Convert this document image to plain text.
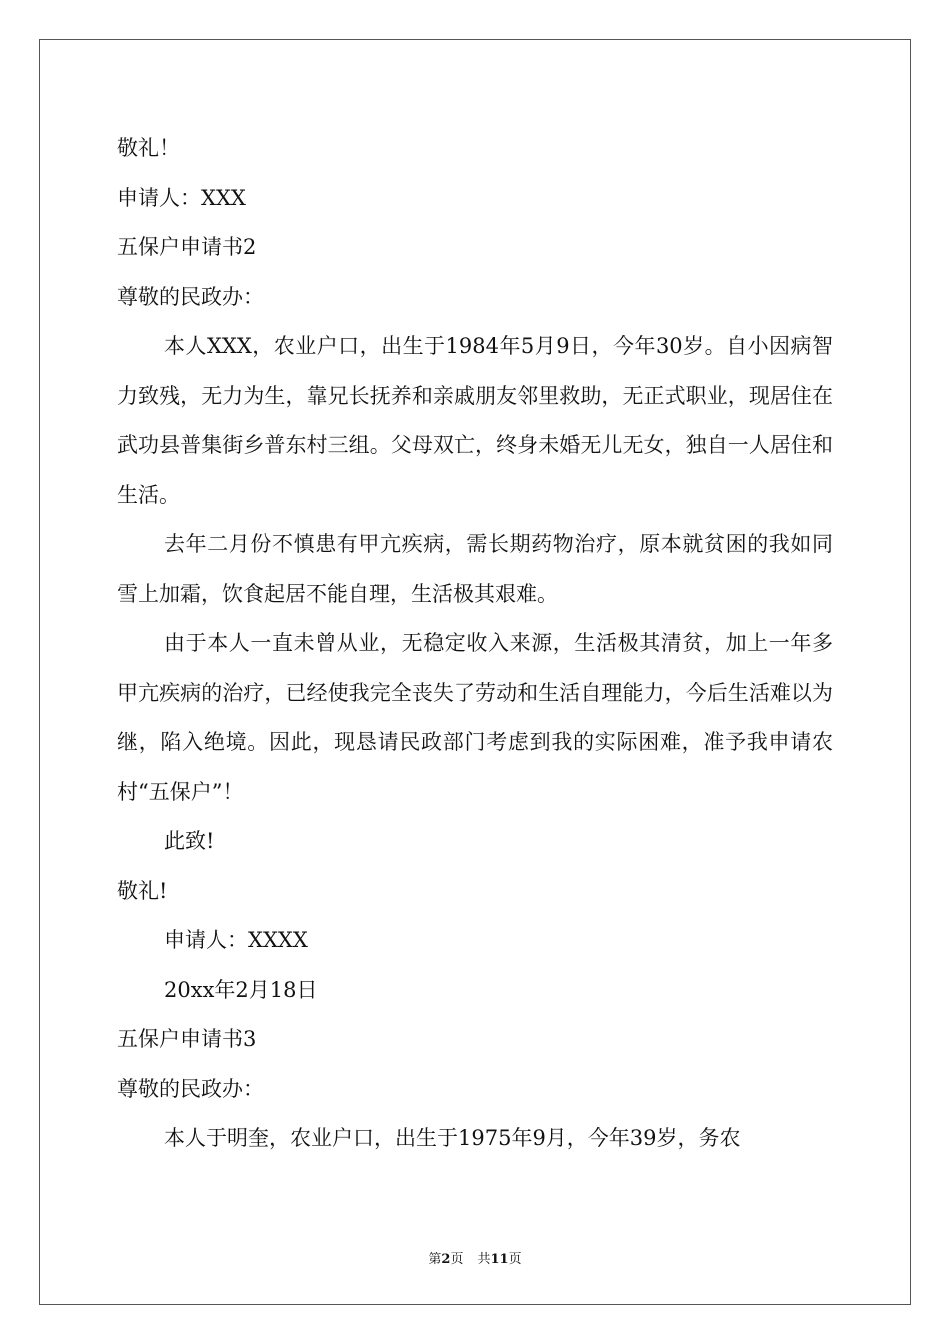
敬礼！

申请人：XXX

五保户申请书2

尊敬的民政办：

本人XXX，农业户口，出生于1984年5月9日，今年30岁。自小因病智力致残，无力为生，靠兄长抚养和亲戚朋友邻里救助，无正式职业，现居住在武功县普集街乡普东村三组。父母双亡，终身未婚无儿无女，独自一人居住和生活。

去年二月份不慎患有甲亢疾病，需长期药物治疗，原本就贫困的我如同雪上加霜，饮食起居不能自理，生活极其艰难。

由于本人一直未曾从业，无稳定收入来源，生活极其清贫，加上一年多甲亢疾病的治疗，已经使我完全丧失了劳动和生活自理能力，今后生活难以为继，陷入绝境。因此，现恳请民政部门考虑到我的实际困难，准予我申请农村“五保户”！

此致!

敬礼!

申请人：XXXX

20xx年2月18日

五保户申请书3

尊敬的民政办：

本人于明奎，农业户口，出生于1975年9月，今年39岁，务农

第2页 共11页
